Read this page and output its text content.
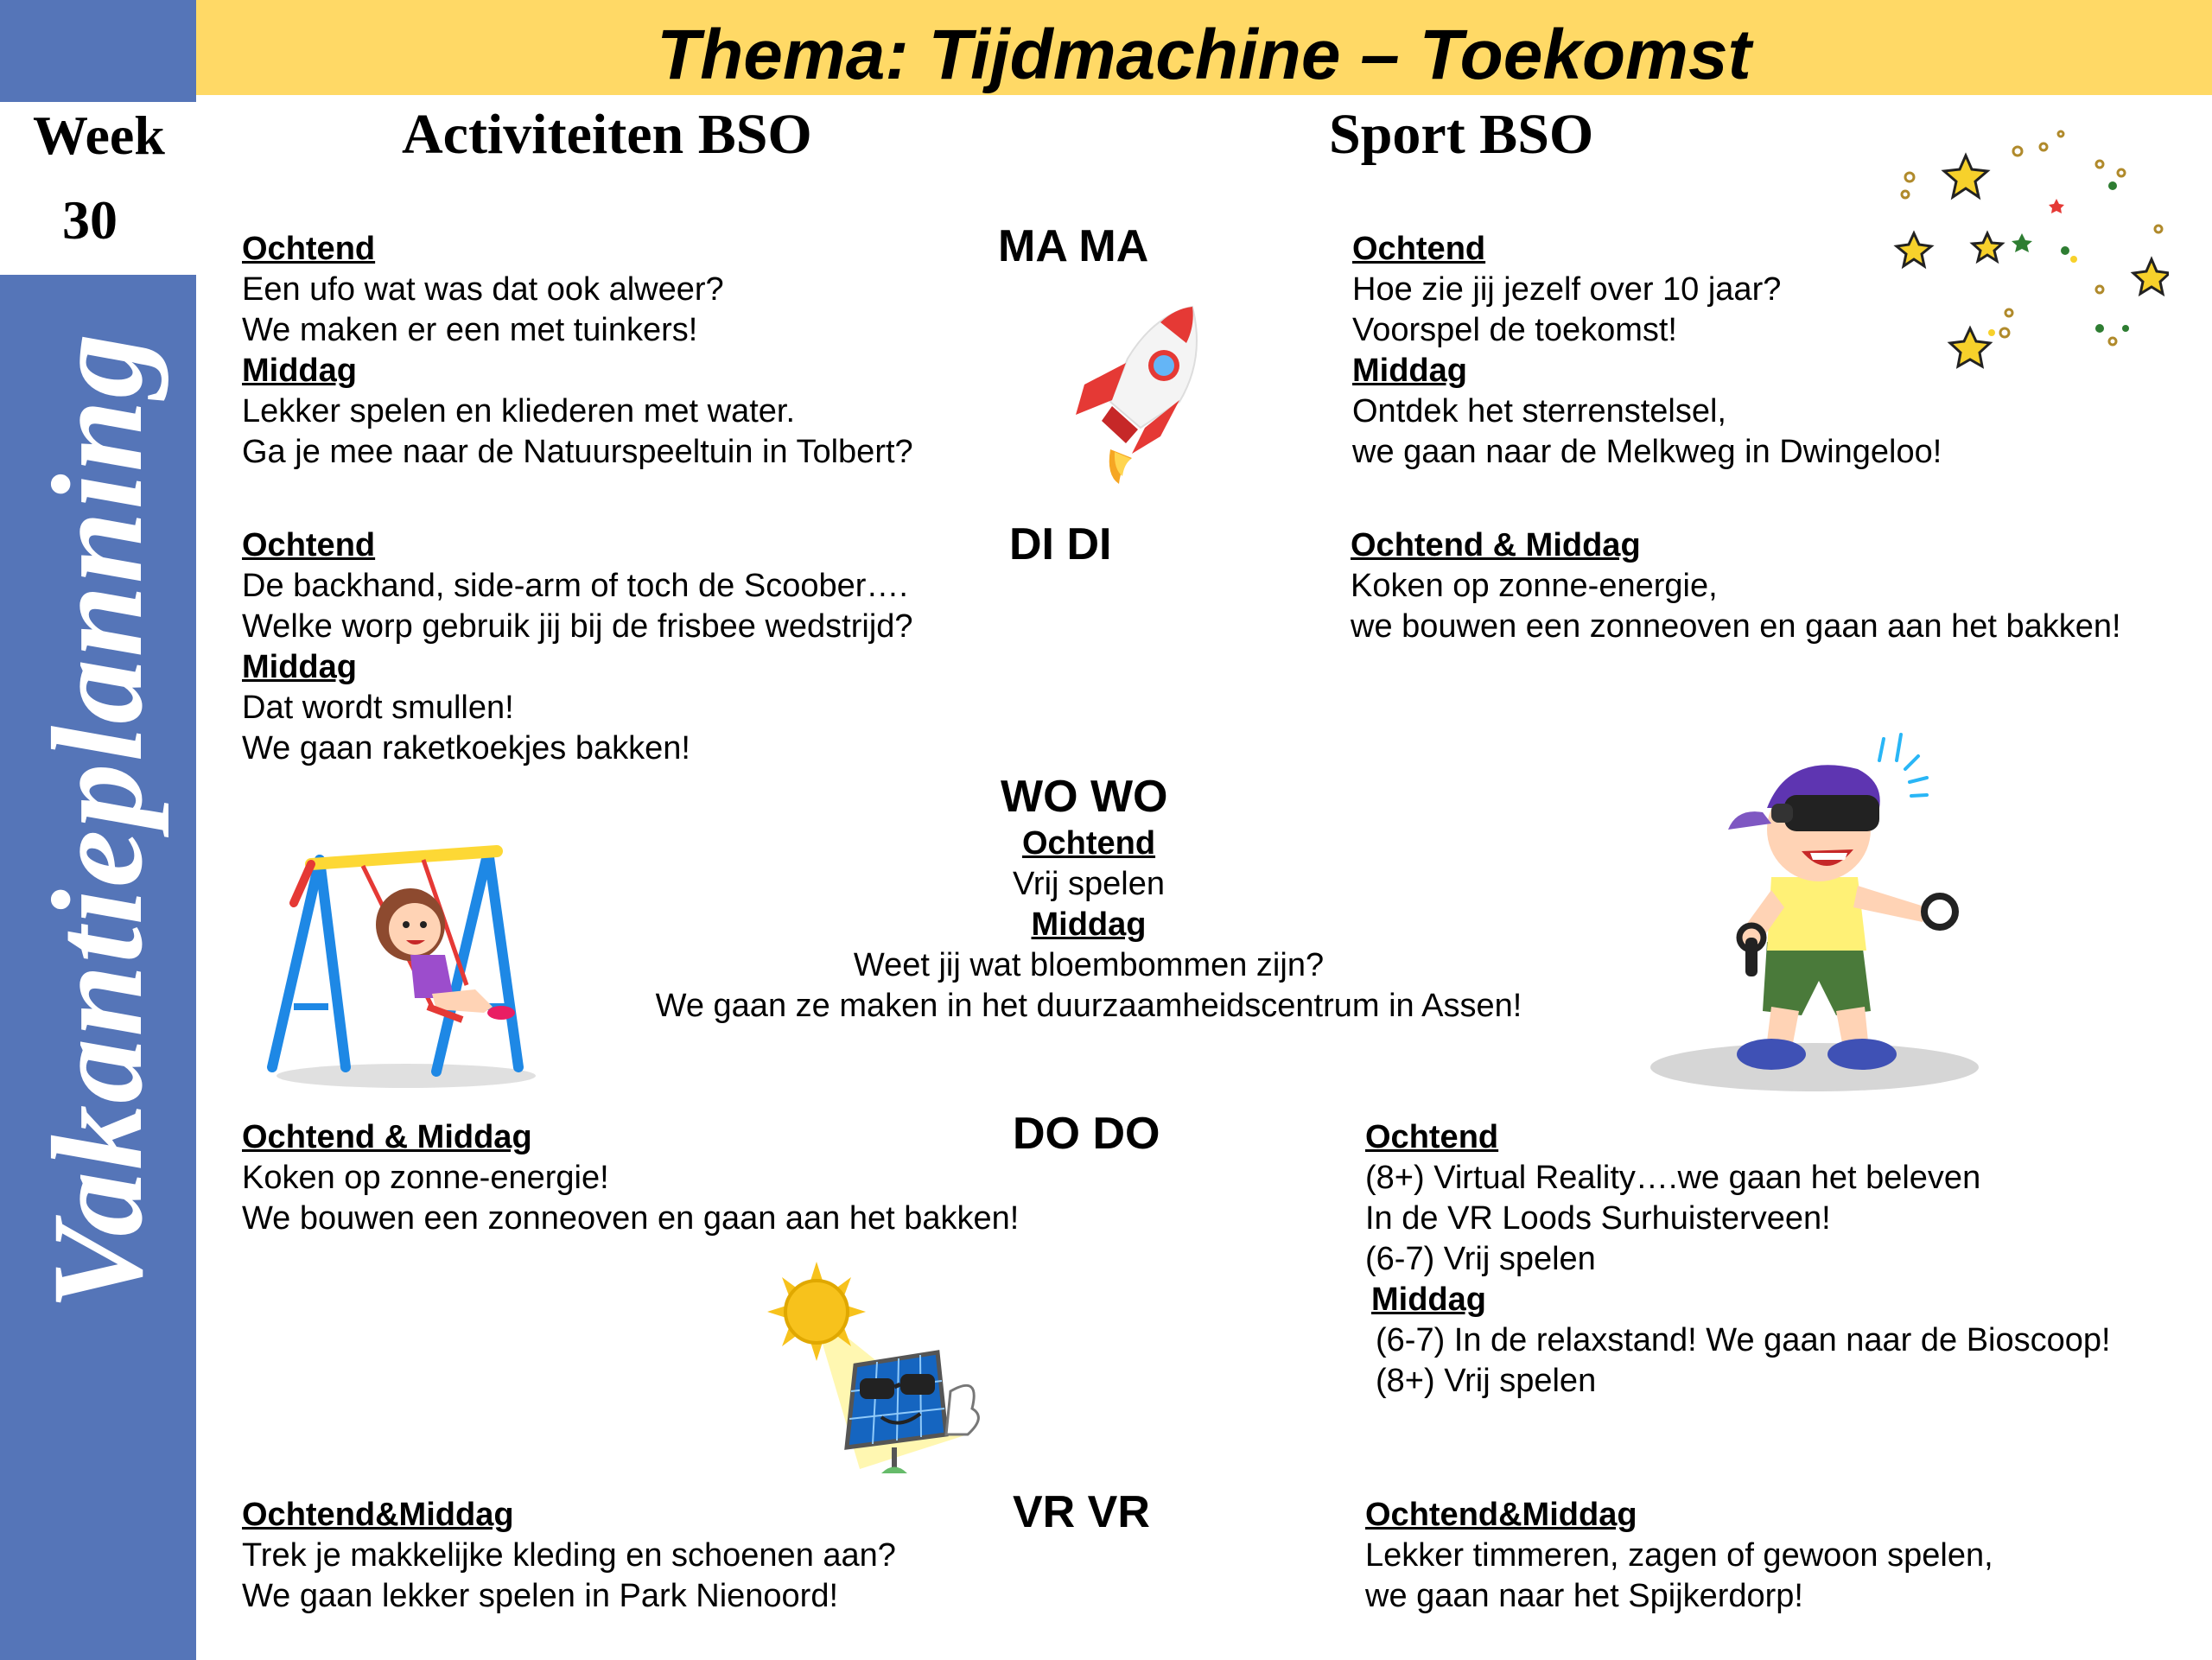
Week
30
Vakantieplanning
Thema: Tijdmachine – Toekomst
Activiteiten BSO	Sport BSO
MA MA
Ochtend
Een ufo wat was dat ook alweer?
We maken er een met tuinkers!
Middag
Lekker spelen en kliederen met water.
Ga je mee naar de Natuurspeeltuin in Tolbert?
Ochtend
Hoe zie jij jezelf over 10 jaar?
Voorspel de toekomst!
Middag
Ontdek het sterrenstelsel,
we gaan naar de Melkweg in Dwingeloo!
DI DI
Ochtend
De backhand, side-arm of toch de Scoober….
Welke worp gebruik jij bij de frisbee wedstrijd?
Middag
Dat wordt smullen!
We gaan raketkoekjes bakken!
Ochtend & Middag
Koken op zonne-energie,
we bouwen een zonneoven en gaan aan het bakken!
WO WO
Ochtend
Vrij spelen
Middag
Weet jij wat bloembommen zijn?
We gaan ze maken in het duurzaamheidscentrum in Assen!
DO DO
Ochtend & Middag
Koken op zonne-energie!
We bouwen een zonneoven en gaan aan het bakken!
Ochtend
(8+) Virtual Reality….we gaan het beleven
In de VR Loods Surhuisterveen!
(6-7) Vrij spelen
Middag
(6-7) In de relaxstand! We gaan naar de Bioscoop!
(8+) Vrij spelen
VR VR
Ochtend&Middag
Trek je makkelijke kleding en schoenen aan?
We gaan lekker spelen in Park Nienoord!
Ochtend&Middag
Lekker timmeren, zagen of gewoon spelen,
we gaan naar het Spijkerdorp!
